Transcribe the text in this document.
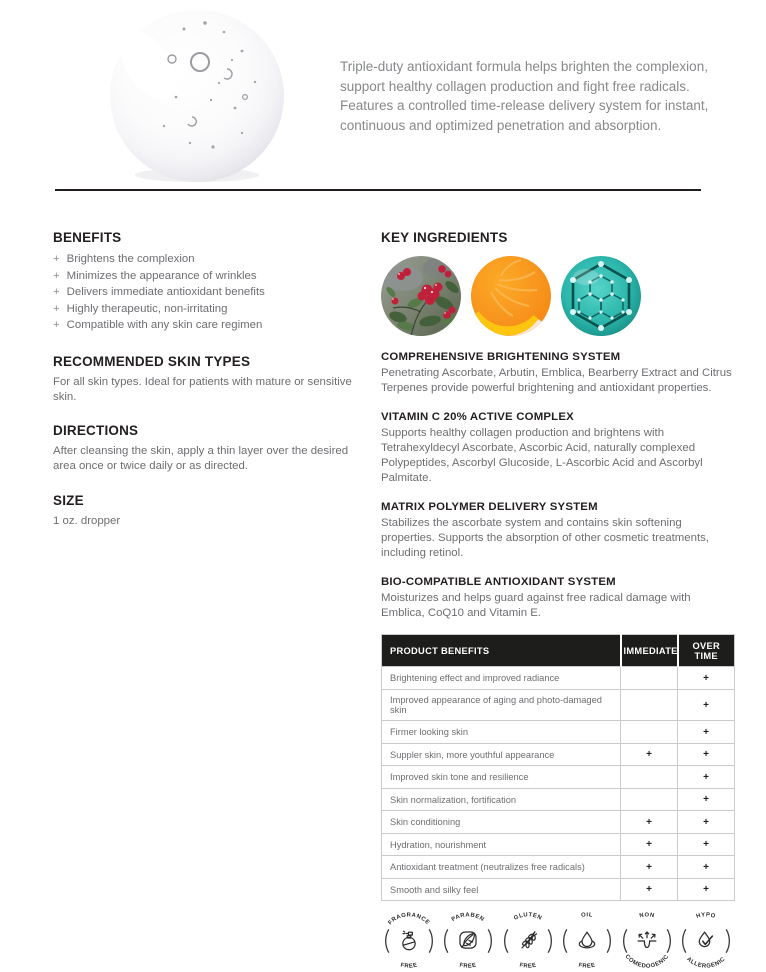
Triple-duty antioxidant formula helps brighten the complexion, support healthy collagen production and fight free radicals. Features a controlled time-release delivery system for instant, continuous and optimized penetration and absorption.

BENEFITS
+ Brightens the complexion
+ Minimizes the appearance of wrinkles
+ Delivers immediate antioxidant benefits
+ Highly therapeutic, non-irritating
+ Compatible with any skin care regimen
RECOMMENDED SKIN TYPES

For all skin types. Ideal for patients with mature or sensitive skin.

DIRECTIONS

After cleansing the skin, apply a thin layer over the desired area once or twice daily or as directed.

SIZE

1 oz. dropper

KEY INGREDIENTS
COMPREHENSIVE BRIGHTENING SYSTEM

Penetrating Ascorbate, Arbutin, Emblica, Bearberry Extract and Citrus Terpenes provide powerful brightening and antioxidant properties.

VITAMIN C 20% ACTIVE COMPLEX

Supports healthy collagen production and brightens with Tetrahexyldecyl Ascorbate, Ascorbic Acid, naturally complexed Polypeptides, Ascorbyl Glucoside, L-Ascorbic Acid and Ascorbyl Palmitate.

MATRIX POLYMER DELIVERY SYSTEM

Stabilizes the ascorbate system and contains skin softening properties. Supports the absorption of other cosmetic treatments, including retinol.

BIO-COMPATIBLE ANTIOXIDANT SYSTEM

Moisturizes and helps guard against free radical damage with Emblica, CoQ10 and Vitamin E.

PRODUCT BENEFITS	IMMEDIATE	OVER TIME
Brightening effect and improved radiance		+
Improved appearance of aging and photo-damaged skin		+
Firmer looking skin		+
Suppler skin, more youthful appearance	+	+
Improved skin tone and resilience		+
Skin normalization, fortification		+
Skin conditioning	+	+
Hydration, nourishment	+	+
Antioxidant treatment (neutralizes free radicals)	+	+
Smooth and silky feel	+	+
FRAGRANCE
FREE
PARABEN
FREE
GLUTEN
FREE
OIL
FREE
NON
COMEDOGENIC
HYPO
ALLERGENIC
